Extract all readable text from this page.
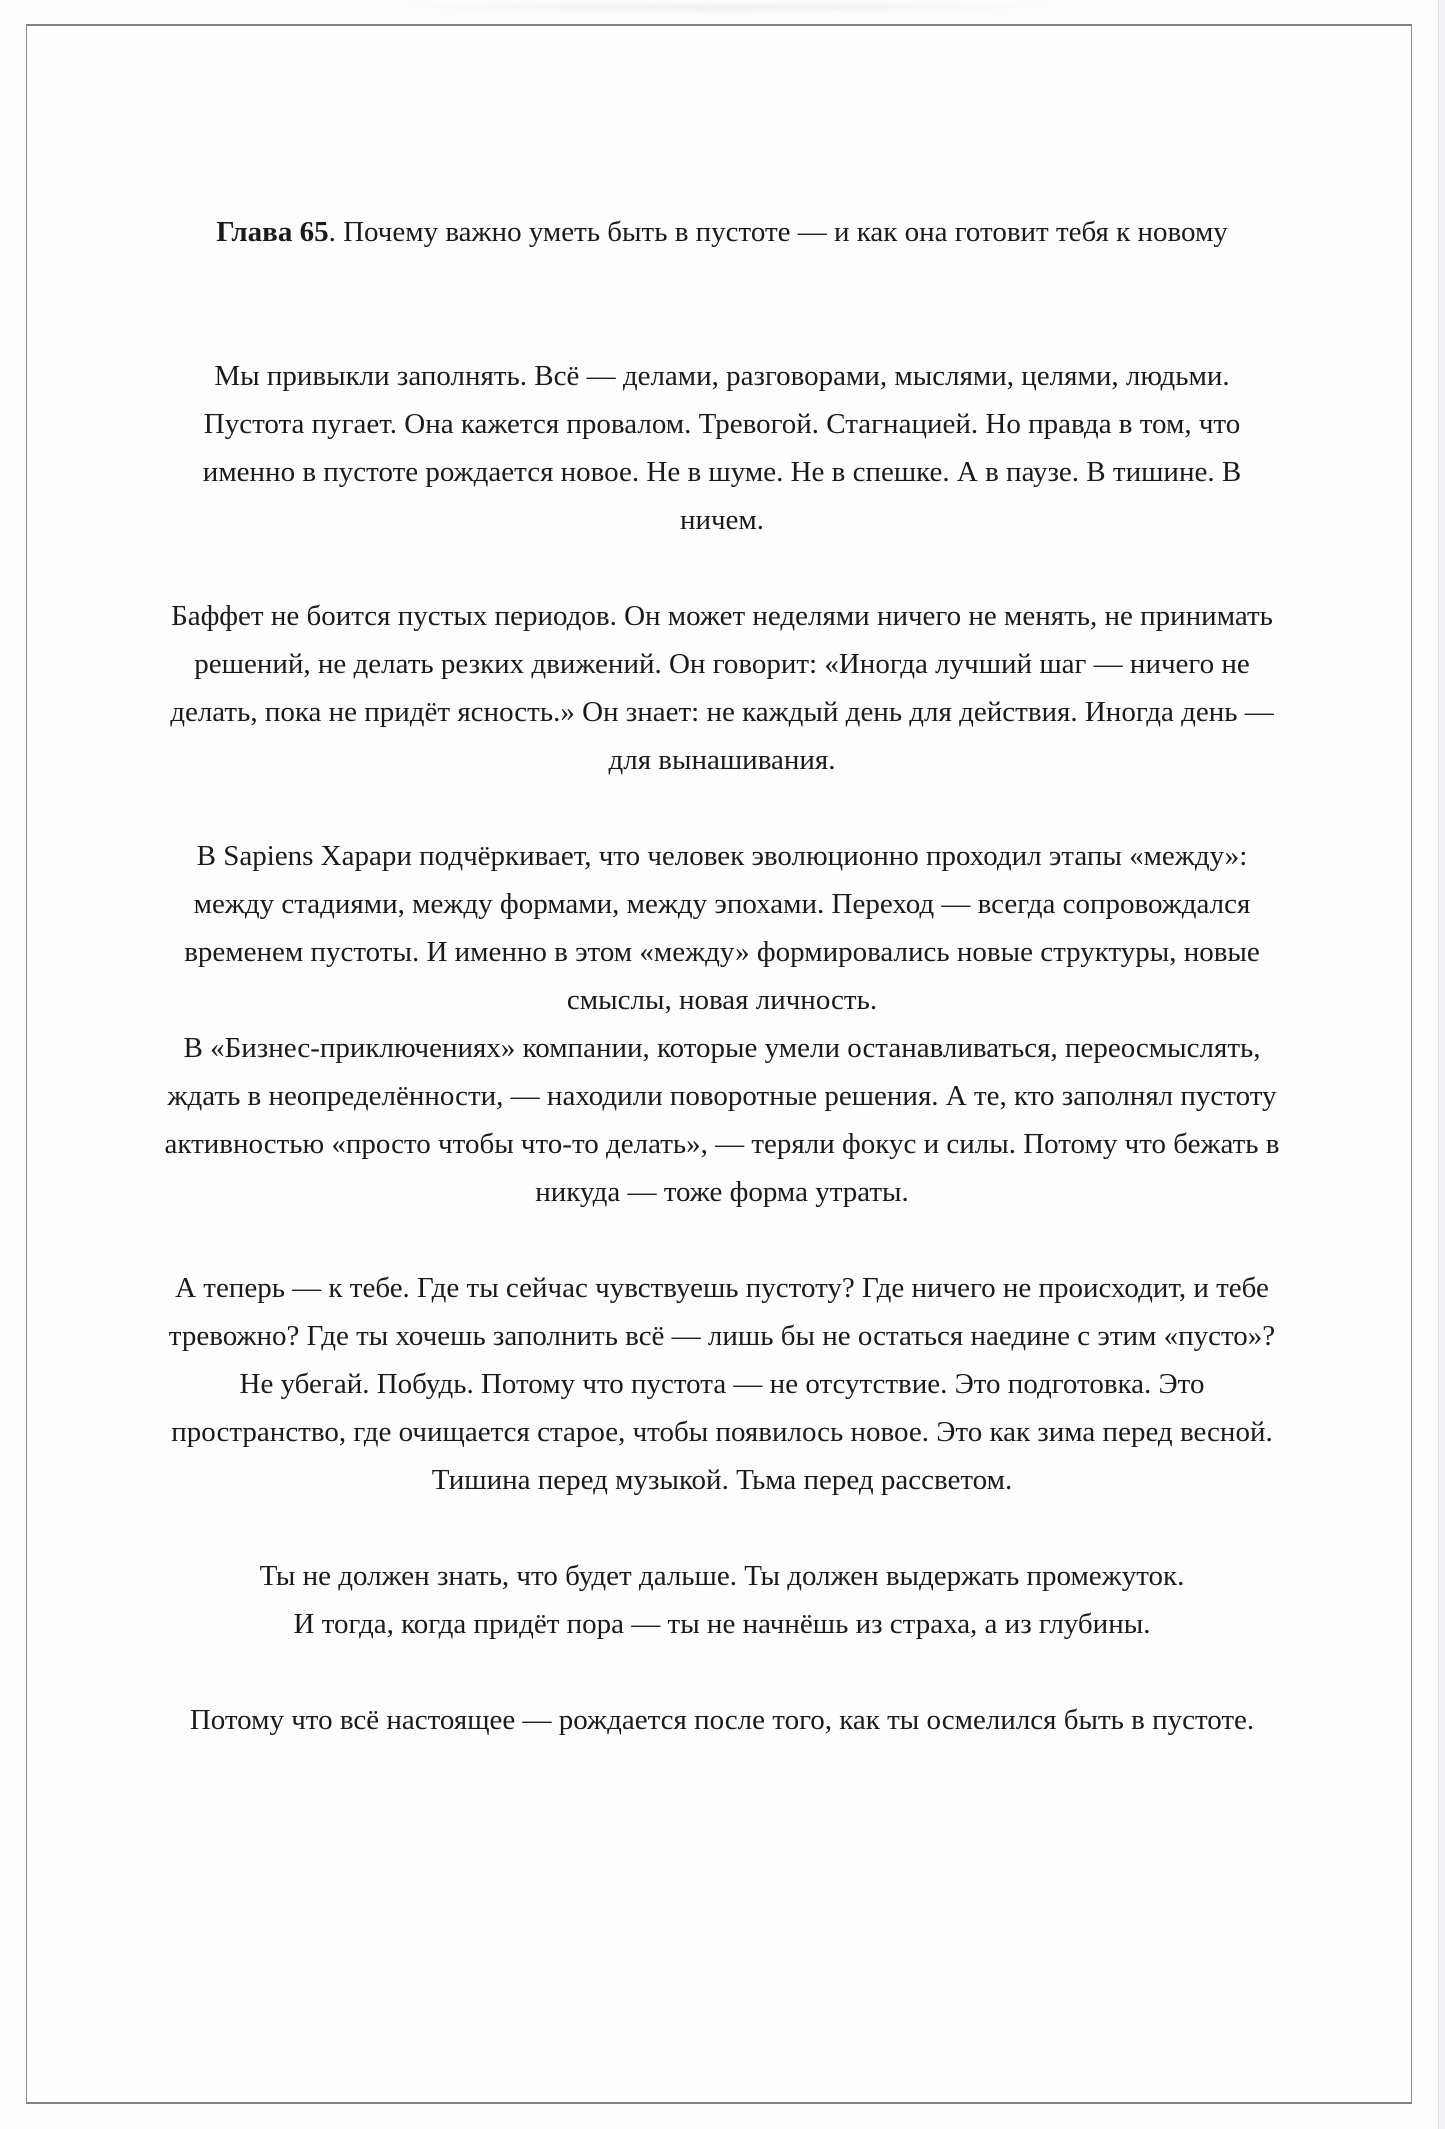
Глава 65. Почему важно уметь быть в пустоте — и как она готовит тебя к новому

Мы привыкли заполнять. Всё — делами, разговорами, мыслями, целями, людьми. Пустота пугает. Она кажется провалом. Тревогой. Стагнацией. Но правда в том, что именно в пустоте рождается новое. Не в шуме. Не в спешке. А в паузе. В тишине. В ничем.

Баффет не боится пустых периодов. Он может неделями ничего не менять, не принимать решений, не делать резких движений. Он говорит: «Иногда лучший шаг — ничего не делать, пока не придёт ясность.» Он знает: не каждый день для действия. Иногда день — для вынашивания.

В Sapiens Харари подчёркивает, что человек эволюционно проходил этапы «между»: между стадиями, между формами, между эпохами. Переход — всегда сопровождался временем пустоты. И именно в этом «между» формировались новые структуры, новые смыслы, новая личность.
В «Бизнес-приключениях» компании, которые умели останавливаться, переосмыслять, ждать в неопределённости, — находили поворотные решения. А те, кто заполнял пустоту активностью «просто чтобы что-то делать», — теряли фокус и силы. Потому что бежать в никуда — тоже форма утраты.

А теперь — к тебе. Где ты сейчас чувствуешь пустоту? Где ничего не происходит, и тебе тревожно? Где ты хочешь заполнить всё — лишь бы не остаться наедине с этим «пусто»?
Не убегай. Побудь. Потому что пустота — не отсутствие. Это подготовка. Это пространство, где очищается старое, чтобы появилось новое. Это как зима перед весной. Тишина перед музыкой. Тьма перед рассветом.

Ты не должен знать, что будет дальше. Ты должен выдержать промежуток.
И тогда, когда придёт пора — ты не начнёшь из страха, а из глубины.

Потому что всё настоящее — рождается после того, как ты осмелился быть в пустоте.
